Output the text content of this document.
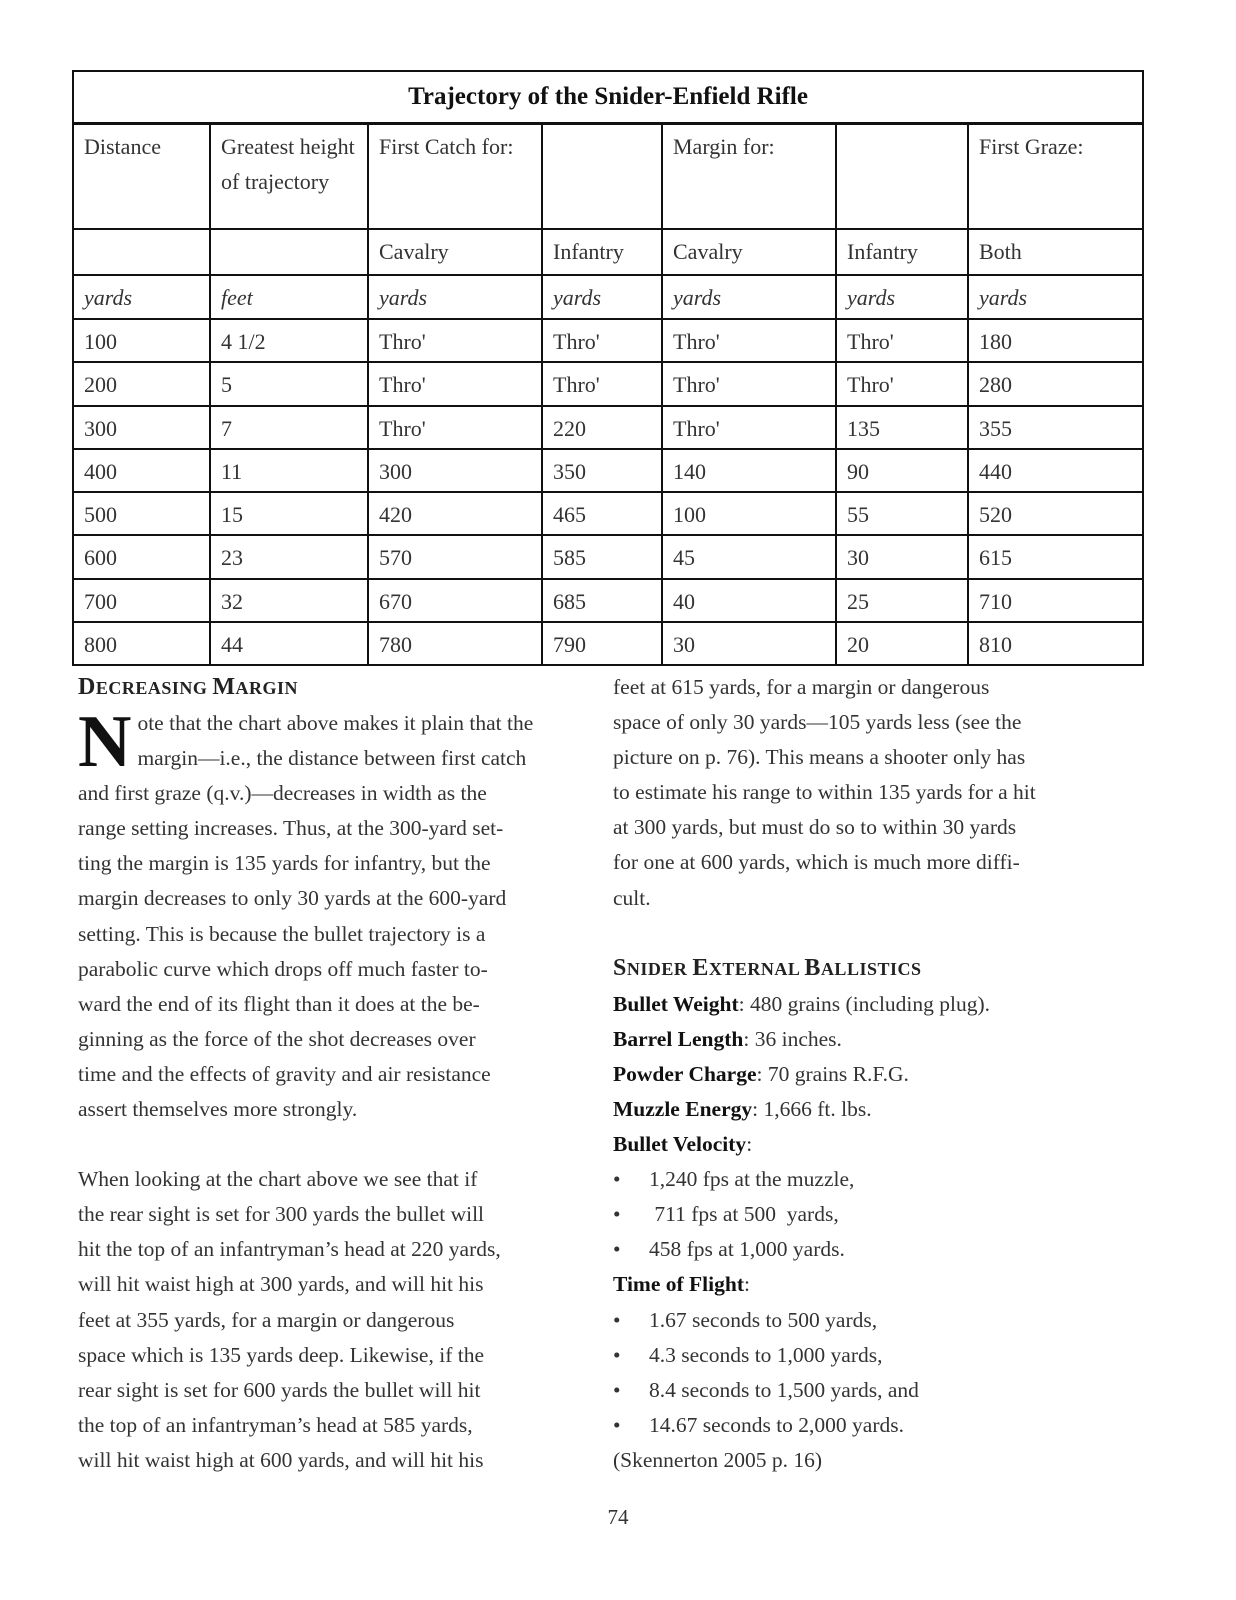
Trajectory of the Snider-Enfield Rifle						
Distance	Greatest height of trajectory	First Catch for:		Margin for:		First Graze:
		Cavalry	Infantry	Cavalry	Infantry	Both
yards	feet	yards	yards	yards	yards	yards
100	4 1/2	Thro'	Thro'	Thro'	Thro'	180
200	5	Thro'	Thro'	Thro'	Thro'	280
300	7	Thro'	220	Thro'	135	355
400	11	300	350	140	90	440
500	15	420	465	100	55	520
600	23	570	585	45	30	615
700	32	670	685	40	25	710
800	44	780	790	30	20	810
DECREASING MARGIN

N ote that the chart above makes it plain that the
margin—i.e., the distance between first catch
and first graze (q.v.)—decreases in width as the
range setting increases. Thus, at the 300-yard set-
ting the margin is 135 yards for infantry, but the
margin decreases to only 30 yards at the 600-yard
setting. This is because the bullet trajectory is a
parabolic curve which drops off much faster to-
ward the end of its flight than it does at the be-
ginning as the force of the shot decreases over
time and the effects of gravity and air resistance
assert themselves more strongly.

When looking at the chart above we see that if
the rear sight is set for 300 yards the bullet will
hit the top of an infantryman’s head at 220 yards,
will hit waist high at 300 yards, and will hit his
feet at 355 yards, for a margin or dangerous
space which is 135 yards deep. Likewise, if the
rear sight is set for 600 yards the bullet will hit
the top of an infantryman’s head at 585 yards,
will hit waist high at 600 yards, and will hit his

feet at 615 yards, for a margin or dangerous
space of only 30 yards—105 yards less (see the
picture on p. 76). This means a shooter only has
to estimate his range to within 135 yards for a hit
at 300 yards, but must do so to within 30 yards
for one at 600 yards, which is much more diffi-
cult.

SNIDER EXTERNAL BALLISTICS
Bullet Weight: 480 grains (including plug).
Barrel Length: 36 inches.
Powder Charge: 70 grains R.F.G.
Muzzle Energy: 1,666 ft. lbs.
Bullet Velocity:
• 1,240 fps at the muzzle,
• 711 fps at 500  yards,
• 458 fps at 1,000 yards.
Time of Flight:
• 1.67 seconds to 500 yards,
• 4.3 seconds to 1,000 yards,
• 8.4 seconds to 1,500 yards, and
• 14.67 seconds to 2,000 yards.
(Skennerton 2005 p. 16)
74
